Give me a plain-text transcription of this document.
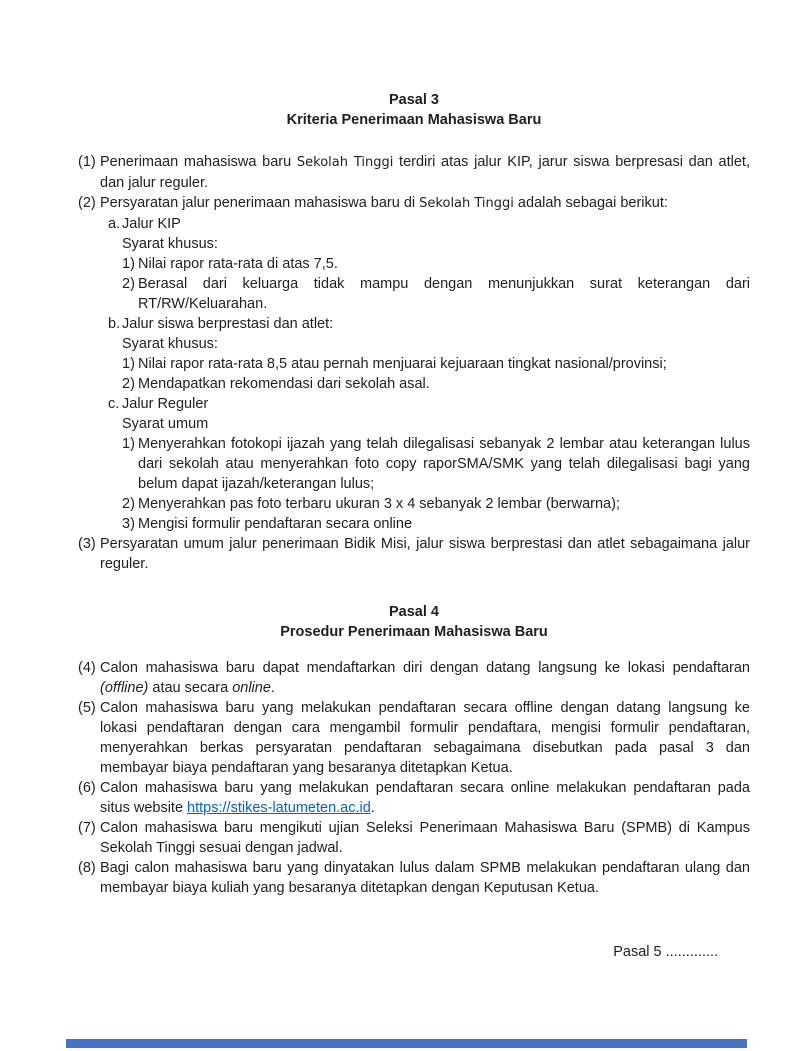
Pasal 3
Kriteria Penerimaan Mahasiswa Baru
(1) Penerimaan mahasiswa baru Sekolah Tinggi terdiri atas jalur KIP, jarur siswa berpresasi dan atlet, dan jalur reguler.
(2) Persyaratan jalur penerimaan mahasiswa baru di Sekolah Tinggi adalah sebagai berikut:
a. Jalur KIP
Syarat khusus:
1) Nilai rapor rata-rata di atas 7,5.
2) Berasal dari keluarga tidak mampu dengan menunjukkan surat keterangan dari RT/RW/Keluarahan.
b. Jalur siswa berprestasi dan atlet:
Syarat khusus:
1) Nilai rapor rata-rata 8,5 atau pernah menjuarai kejuaraan tingkat nasional/provinsi;
2) Mendapatkan rekomendasi dari sekolah asal.
c. Jalur Reguler
Syarat umum
1) Menyerahkan fotokopi ijazah yang telah dilegalisasi sebanyak 2 lembar atau keterangan lulus dari sekolah atau menyerahkan foto copy raporSMA/SMK yang telah dilegalisasi bagi yang belum dapat ijazah/keterangan lulus;
2) Menyerahkan pas foto terbaru ukuran 3 x 4 sebanyak 2 lembar (berwarna);
3) Mengisi formulir pendaftaran secara online
(3) Persyaratan umum jalur penerimaan Bidik Misi, jalur siswa berprestasi dan atlet sebagaimana jalur reguler.
Pasal 4
Prosedur Penerimaan Mahasiswa Baru
(4) Calon mahasiswa baru dapat mendaftarkan diri dengan datang langsung ke lokasi pendaftaran (offline) atau secara online.
(5) Calon mahasiswa baru yang melakukan pendaftaran secara offline dengan datang langsung ke lokasi pendaftaran dengan cara mengambil formulir pendaftara, mengisi formulir pendaftaran, menyerahkan berkas persyaratan pendaftaran sebagaimana disebutkan pada pasal 3 dan membayar biaya pendaftaran yang besaranya ditetapkan Ketua.
(6) Calon mahasiswa baru yang melakukan pendaftaran secara online melakukan pendaftaran pada situs website https://stikes-latumeten.ac.id.
(7) Calon mahasiswa baru mengikuti ujian Seleksi Penerimaan Mahasiswa Baru (SPMB) di Kampus Sekolah Tinggi sesuai dengan jadwal.
(8) Bagi calon mahasiswa baru yang dinyatakan lulus dalam SPMB melakukan pendaftaran ulang dan membayar biaya kuliah yang besaranya ditetapkan dengan Keputusan Ketua.
Pasal 5 .............
